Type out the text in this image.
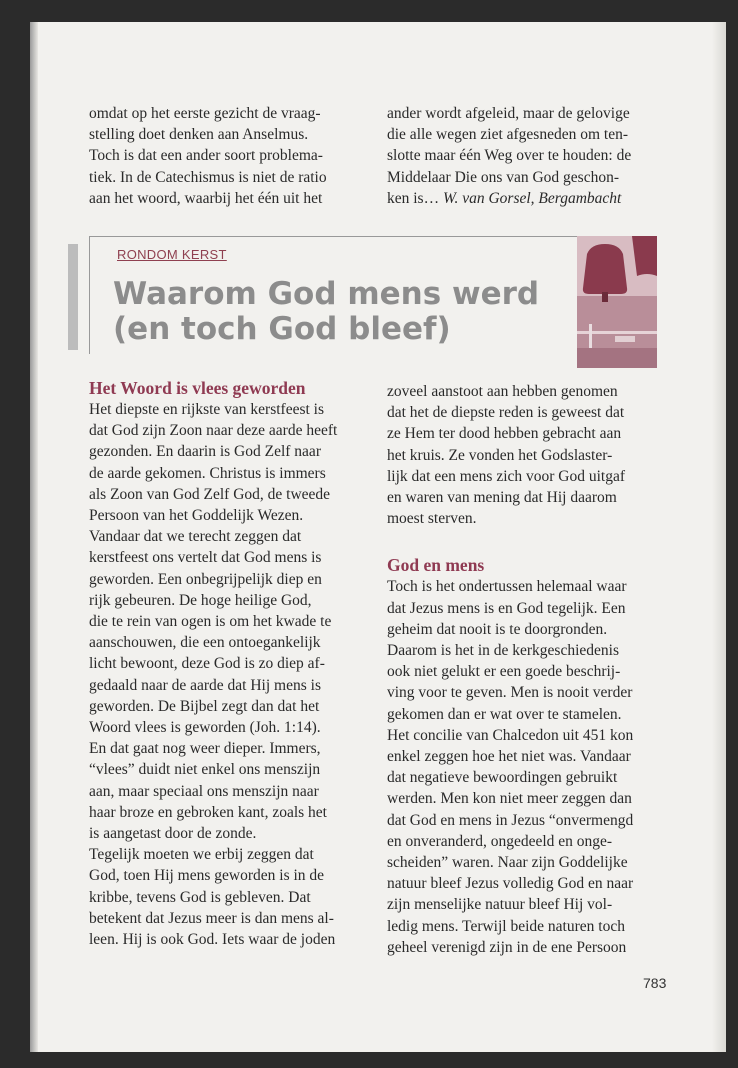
omdat op het eerste gezicht de vraag-

stelling doet denken aan Anselmus.

Toch is dat een ander soort problema-

tiek. In de Catechismus is niet de ratio

aan het woord, waarbij het één uit het

ander wordt afgeleid, maar de gelovige

die alle wegen ziet afgesneden om ten-

slotte maar één Weg over te houden: de

Middelaar Die ons van God geschon-

ken is… W. van Gorsel, Bergambacht

RONDOM KERST
Waarom God mens werd
(en toch God bleef)
Het Woord is vlees geworden

Het diepste en rijkste van kerstfeest is

dat God zijn Zoon naar deze aarde heeft

gezonden. En daarin is God Zelf naar

de aarde gekomen. Christus is immers

als Zoon van God Zelf God, de tweede

Persoon van het Goddelijk Wezen.

Vandaar dat we terecht zeggen dat

kerstfeest ons vertelt dat God mens is

geworden. Een onbegrijpelijk diep en

rijk gebeuren. De hoge heilige God,

die te rein van ogen is om het kwade te

aanschouwen, die een ontoegankelijk

licht bewoont, deze God is zo diep af-

gedaald naar de aarde dat Hij mens is

geworden. De Bijbel zegt dan dat het

Woord vlees is geworden (Joh. 1:14).

En dat gaat nog weer dieper. Immers,

“vlees” duidt niet enkel ons menszijn

aan, maar speciaal ons menszijn naar

haar broze en gebroken kant, zoals het

is aangetast door de zonde.

Tegelijk moeten we erbij zeggen dat

God, toen Hij mens geworden is in de

kribbe, tevens God is gebleven. Dat

betekent dat Jezus meer is dan mens al-

leen. Hij is ook God. Iets waar de joden

zoveel aanstoot aan hebben genomen

dat het de diepste reden is geweest dat

ze Hem ter dood hebben gebracht aan

het kruis. Ze vonden het Godslaster-

lijk dat een mens zich voor God uitgaf

en waren van mening dat Hij daarom

moest sterven.

God en mens

Toch is het ondertussen helemaal waar

dat Jezus mens is en God tegelijk. Een

geheim dat nooit is te doorgronden.

Daarom is het in de kerkgeschiedenis

ook niet gelukt er een goede beschrij-

ving voor te geven. Men is nooit verder

gekomen dan er wat over te stamelen.

Het concilie van Chalcedon uit 451 kon

enkel zeggen hoe het niet was. Vandaar

dat negatieve bewoordingen gebruikt

werden. Men kon niet meer zeggen dan

dat God en mens in Jezus “onvermengd

en onveranderd, ongedeeld en onge-

scheiden” waren. Naar zijn Goddelijke

natuur bleef Jezus volledig God en naar

zijn menselijke natuur bleef Hij vol-

ledig mens. Terwijl beide naturen toch

geheel verenigd zijn in de ene Persoon

783
